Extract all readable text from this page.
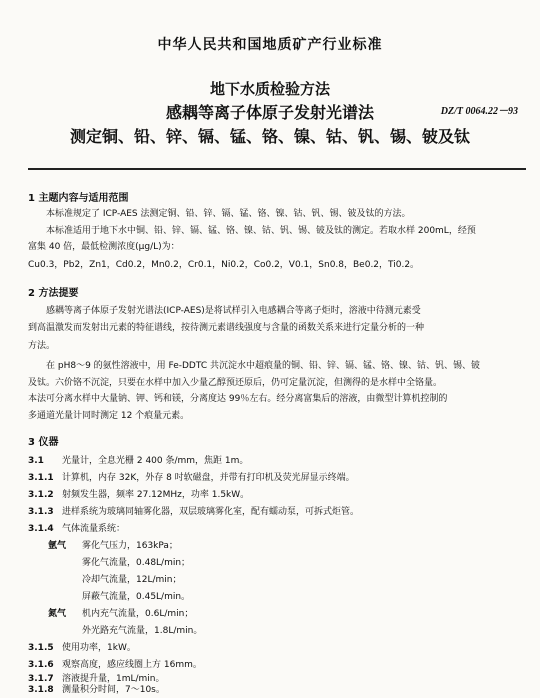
中华人民共和国地质矿产行业标准
地下水质检验方法
感耦等离子体原子发射光谱法
测定铜、铅、锌、镉、锰、铬、镍、钴、钒、锡、铍及钛
DZ/T 0064.22－93
1 主题内容与适用范围
本标准规定了 ICP-AES 法测定铜、铅、锌、镉、锰、铬、镍、钴、钒、锡、铍及钛的方法。
本标准适用于地下水中铜、铅、锌、镉、锰、铬、镍、钴、钒、锡、铍及钛的测定。若取水样 200mL，经预
富集 40 倍，最低检测浓度(μg/L)为：
Cu0.3，Pb2，Zn1，Cd0.2，Mn0.2，Cr0.1，Ni0.2，Co0.2，V0.1，Sn0.8，Be0.2，Ti0.2。
2 方法提要
感耦等离子体原子发射光谱法(ICP-AES)是将试样引入电感耦合等离子炬时，溶液中待测元素受
到高温激发而发射出元素的特征谱线，按待测元素谱线强度与含量的函数关系来进行定量分析的一种
方法。
在 pH8～9 的氨性溶液中，用 Fe-DDTC 共沉淀水中超痕量的铜、铅、锌、镉、锰、铬、镍、钴、钒、锡、铍
及钛。六价铬不沉淀，只要在水样中加入少量乙醇预还原后，仍可定量沉淀，但测得的是水样中全铬量。
本法可分离水样中大量钠、钾、钙和镁，分离度达 99％左右。经分离富集后的溶液，由微型计算机控制的
多通道光量计同时测定 12 个痕量元素。
3 仪器
3.1 光量计，全息光栅 2 400 条/mm，焦距 1m。
3.1.1 计算机，内存 32K，外存 8 吋软磁盘，并带有打印机及荧光屏显示终端。
3.1.2 射频发生器，频率 27.12MHz，功率 1.5kW。
3.1.3 进样系统为玻璃同轴雾化器，双层玻璃雾化室，配有蠕动泵，可拆式炬管。
3.1.4 气体流量系统：
氩气 雾化气压力，163kPa；
雾化气流量，0.48L/min；
冷却气流量，12L/min；
屏蔽气流量，0.45L/min。
氮气 机内充气流量，0.6L/min；
外光路充气流量，1.8L/min。
3.1.5 使用功率，1kW。
3.1.6 观察高度，感应线圈上方 16mm。
3.1.7 溶液提升量，1mL/min。
3.1.8 测量积分时间，7～10s。
